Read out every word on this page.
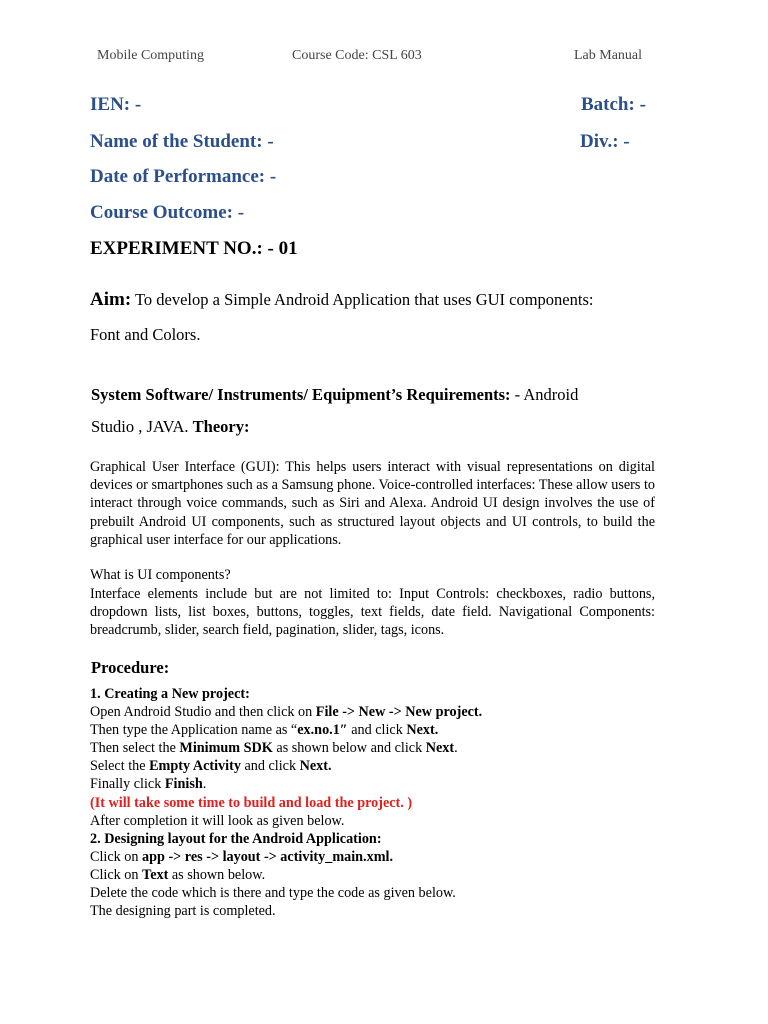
Mobile Computing	Course Code: CSL 603	Lab Manual
IEN: -	Batch: -
Name of the Student: -	Div.: -
Date of Performance: -
Course Outcome: -
EXPERIMENT NO.: - 01
Aim: To develop a Simple Android Application that uses GUI components:
Font and Colors.
System Software/ Instruments/ Equipment’s Requirements: - Android
Studio , JAVA. Theory:
Graphical User Interface (GUI): This helps users interact with visual representations on digital devices or smartphones such as a Samsung phone. Voice-controlled interfaces: These allow users to interact through voice commands, such as Siri and Alexa. Android UI design involves the use of prebuilt Android UI components, such as structured layout objects and UI controls, to build the graphical user interface for our applications.
What is UI components?
Interface elements include but are not limited to: Input Controls: checkboxes, radio buttons, dropdown lists, list boxes, buttons, toggles, text fields, date field. Navigational Components: breadcrumb, slider, search field, pagination, slider, tags, icons.
Procedure:
1. Creating a New project:
Open Android Studio and then click on File -> New -> New project.
Then type the Application name as “ex.no.1″ and click Next.
Then select the Minimum SDK as shown below and click Next.
Select the Empty Activity and click Next.
Finally click Finish.
(It will take some time to build and load the project. )
After completion it will look as given below.
2. Designing layout for the Android Application:
Click on app -> res -> layout -> activity_main.xml.
Click on Text as shown below.
Delete the code which is there and type the code as given below.
The designing part is completed.
